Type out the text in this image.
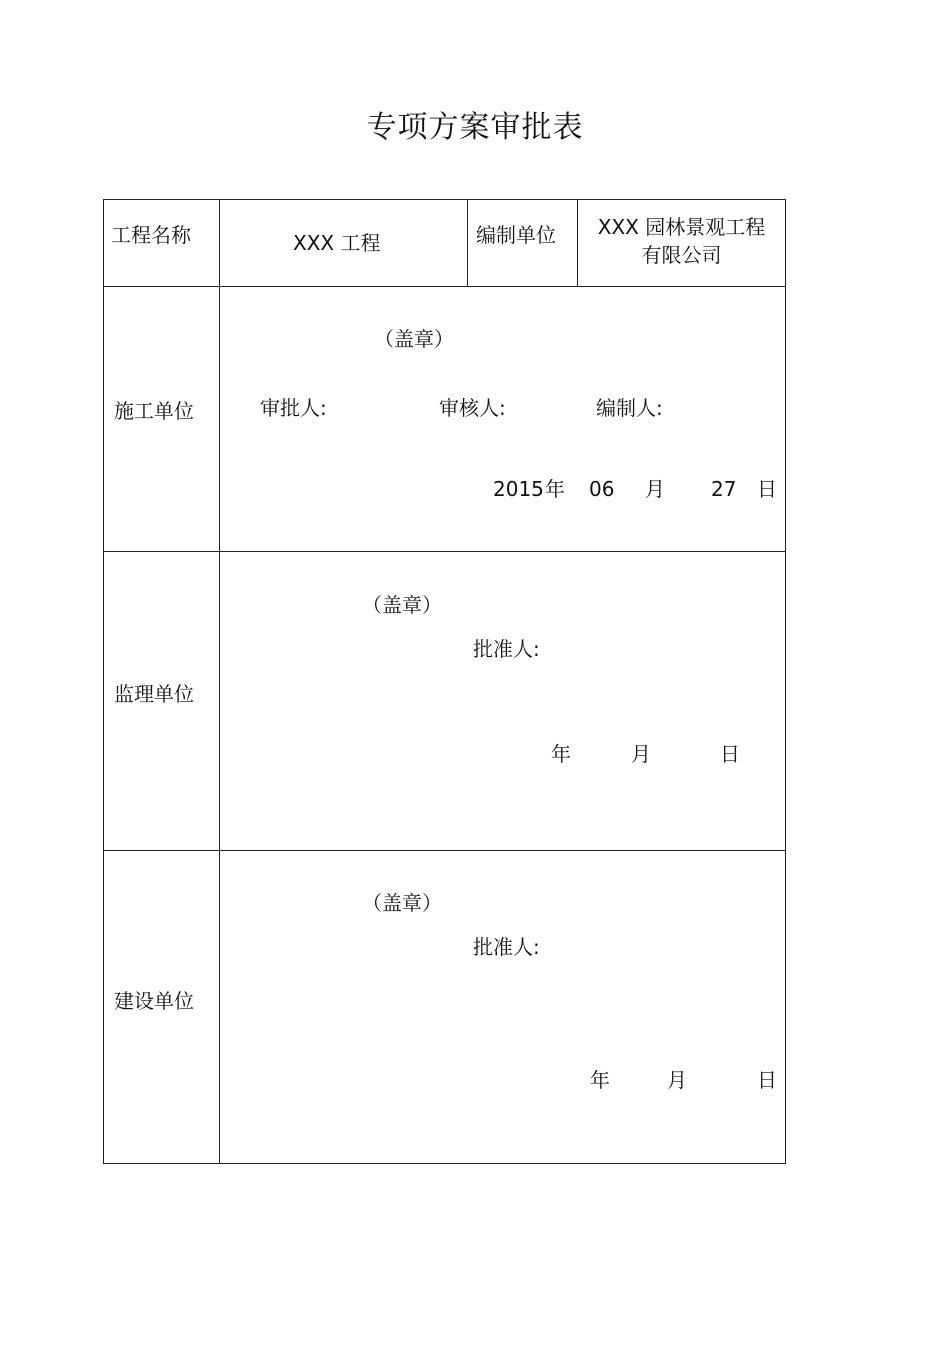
专项方案审批表
工程名称	XXX 工程	编制单位	XXX 园林景观工程
有限公司
施工单位
（盖章）
审批人:	审核人:	编制人:
2015 年 06 月 27 日
监理单位
（盖章）
批准人:
年	月	日
建设单位
（盖章）
批准人:
年	月	日
